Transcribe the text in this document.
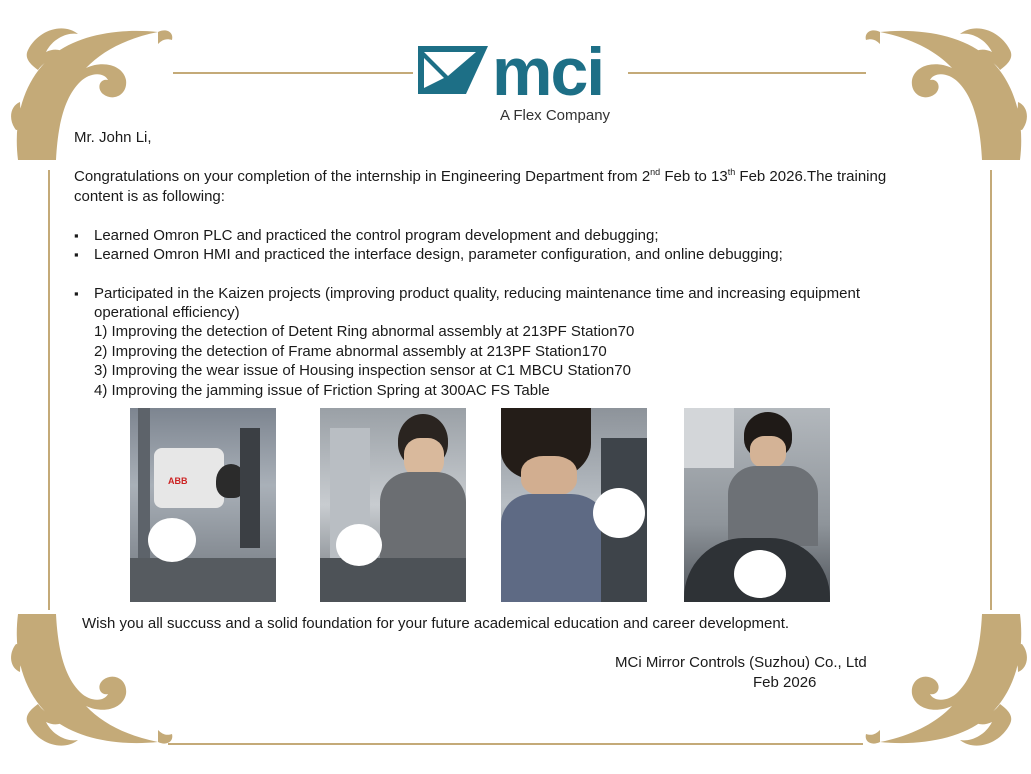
mci
A Flex Company
Mr. John Li,
Congratulations on your completion of the internship in Engineering Department from 2nd Feb to 13th Feb 2026.The training
content is as following:
▪ Learned Omron PLC and practiced the control program development and debugging;
▪ Learned Omron HMI and practiced the interface design, parameter configuration, and online debugging;
▪ Participated in the Kaizen projects (improving product quality, reducing maintenance time and increasing equipment
operational efficiency)
1) Improving the detection of Detent Ring abnormal assembly at 213PF Station70
2) Improving the detection of Frame abnormal assembly at 213PF Station170
3) Improving the wear issue of Housing inspection sensor at C1 MBCU Station70
4) Improving the jamming issue of Friction Spring at 300AC FS Table
ABB
Wish you all succuss and a solid foundation for your future academical education and career development.
MCi Mirror Controls (Suzhou) Co., Ltd
Feb 2026
